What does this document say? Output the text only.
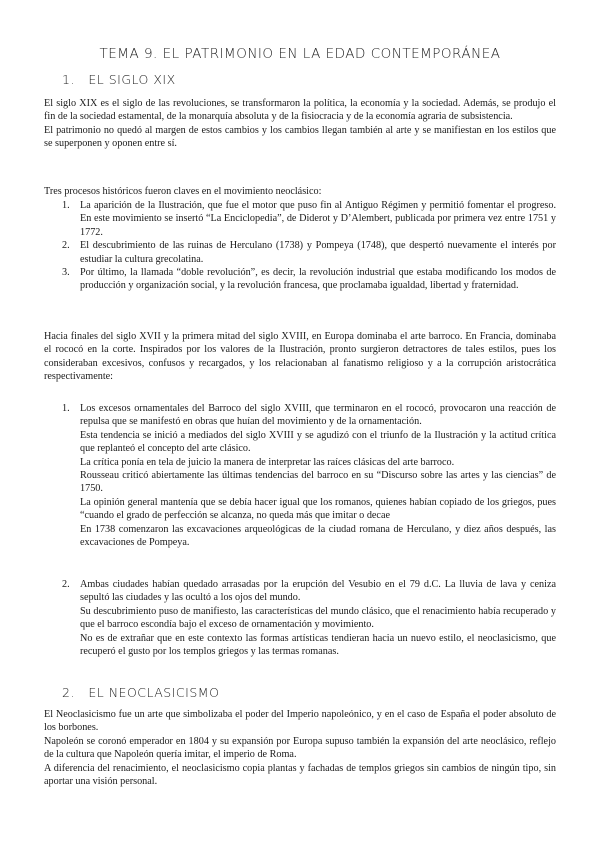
TEMA 9. EL PATRIMONIO EN LA EDAD CONTEMPORÁNEA
1. EL SIGLO XIX

El siglo XIX es el siglo de las revoluciones, se transformaron la política, la economía y la sociedad. Además, se produjo el fin de la sociedad estamental, de la monarquía absoluta y de la fisiocracia y de la economía agraria de subsistencia.

El patrimonio no quedó al margen de estos cambios y los cambios llegan también al arte y se manifiestan en los estilos que se superponen y oponen entre sí.

Tres procesos históricos fueron claves en el movimiento neoclásico:
1. La aparición de la Ilustración, que fue el motor que puso fin al Antiguo Régimen y permitió fomentar el progreso. En este movimiento se insertó “La Enciclopedia”, de Diderot y D’Alembert, publicada por primera vez entre 1751 y 1772.

2. El descubrimiento de las ruinas de Herculano (1738) y Pompeya (1748), que despertó nuevamente el interés por estudiar la cultura grecolatina.

3. Por último, la llamada “doble revolución”, es decir, la revolución industrial que estaba modificando los modos de producción y organización social, y la revolución francesa, que proclamaba igualdad, libertad y fraternidad.

Hacia finales del siglo XVII y la primera mitad del siglo XVIII, en Europa dominaba el arte barroco. En Francia, dominaba el rococó en la corte. Inspirados por los valores de la Ilustración, pronto surgieron detractores de tales estilos, pues los consideraban excesivos, confusos y recargados, y los relacionaban al fanatismo religioso y a la corrupción aristocrática respectivamente:
1. Los excesos ornamentales del Barroco del siglo XVIII, que terminaron en el rococó, provocaron una reacción de repulsa que se manifestó en obras que huían del movimiento y de la ornamentación.

Esta tendencia se inició a mediados del siglo XVIII y se agudizó con el triunfo de la Ilustración y la actitud crítica que replanteó el concepto del arte clásico.

La crítica ponía en tela de juicio la manera de interpretar las raíces clásicas del arte barroco.

Rousseau criticó abiertamente las últimas tendencias del barroco en su “Discurso sobre las artes y las ciencias” de 1750.

La opinión general mantenía que se debía hacer igual que los romanos, quienes habían copiado de los griegos, pues “cuando el grado de perfección se alcanza, no queda más que imitar o decae

En 1738 comenzaron las excavaciones arqueológicas de la ciudad romana de Herculano, y diez años después, las excavaciones de Pompeya.

2. Ambas ciudades habían quedado arrasadas por la erupción del Vesubio en el 79 d.C. La lluvia de lava y ceniza sepultó las ciudades y las ocultó a los ojos del mundo.

Su descubrimiento puso de manifiesto, las características del mundo clásico, que el renacimiento había recuperado y que el barroco escondía bajo el exceso de ornamentación y movimiento.

No es de extrañar que en este contexto las formas artísticas tendieran hacia un nuevo estilo, el neoclasicismo, que recuperó el gusto por los templos griegos y las termas romanas.

2. EL NEOCLASICISMO

El Neoclasicismo fue un arte que simbolizaba el poder del Imperio napoleónico, y en el caso de España el poder absoluto de los borbones.

Napoleón se coronó emperador en 1804 y su expansión por Europa supuso también la expansión del arte neoclásico, reflejo de la cultura que Napoleón quería imitar, el imperio de Roma.

A diferencia del renacimiento, el neoclasicismo copia plantas y fachadas de templos griegos sin cambios de ningún tipo, sin aportar una visión personal.
